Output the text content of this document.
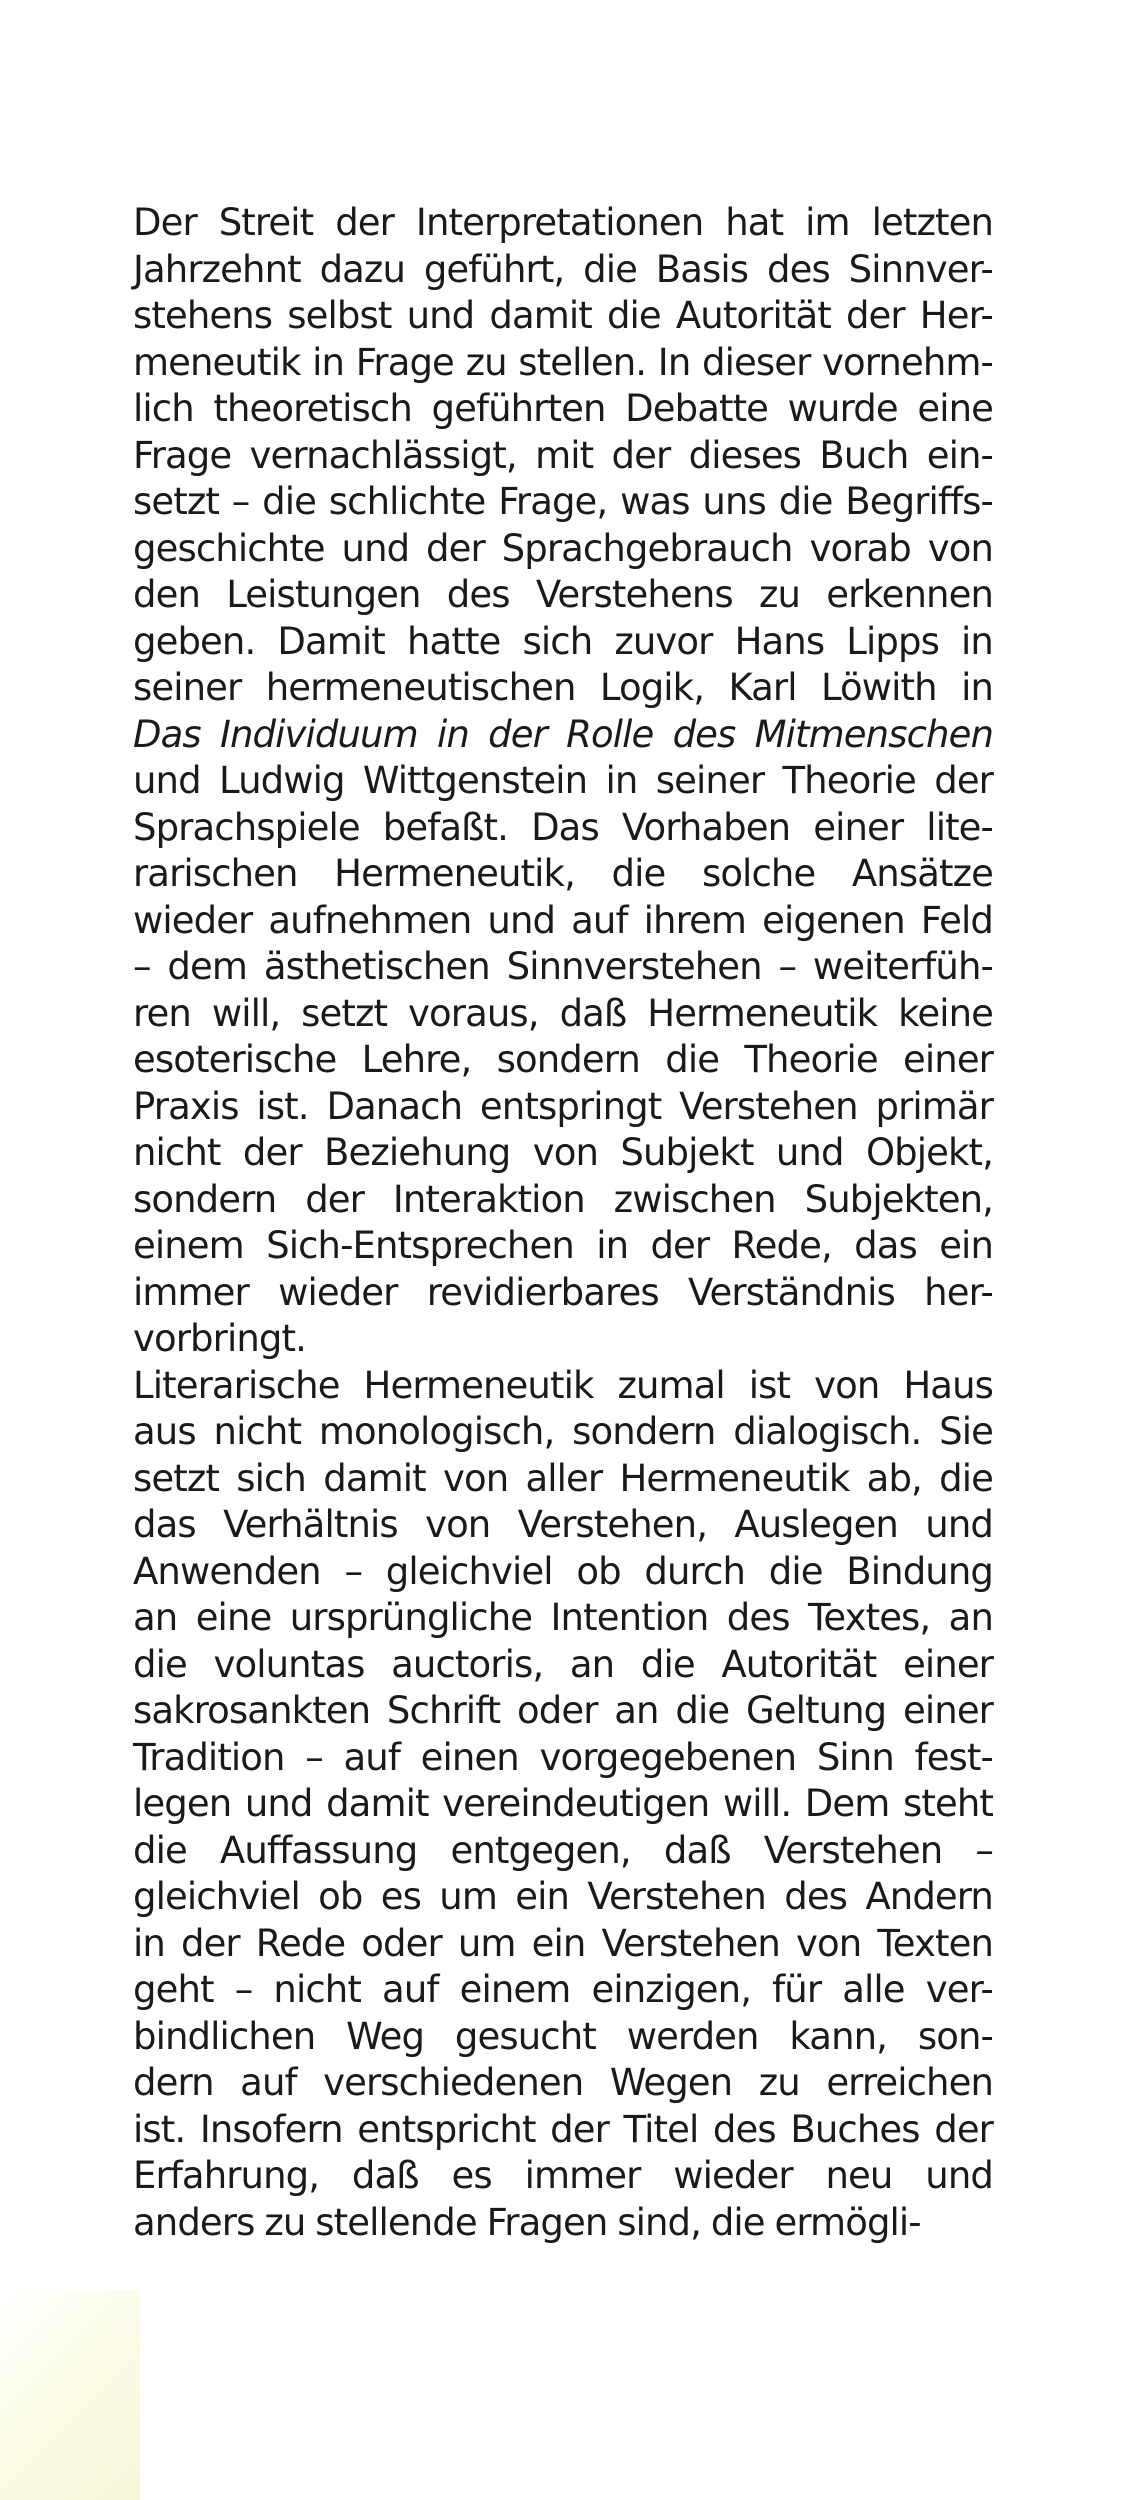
Der Streit der Interpretationen hat im letzten
Jahrzehnt dazu geführt, die Basis des Sinnver-
stehens selbst und damit die Autorität der Her-
meneutik in Frage zu stellen. In dieser vornehm-
lich theoretisch geführten Debatte wurde eine
Frage vernachlässigt, mit der dieses Buch ein-
setzt – die schlichte Frage, was uns die Begriffs-
geschichte und der Sprachgebrauch vorab von
den Leistungen des Verstehens zu erkennen
geben. Damit hatte sich zuvor Hans Lipps in
seiner hermeneutischen Logik, Karl Löwith in
Das Individuum in der Rolle des Mitmenschen
und Ludwig Wittgenstein in seiner Theorie der
Sprachspiele befaßt. Das Vorhaben einer lite-
rarischen Hermeneutik, die solche Ansätze
wieder aufnehmen und auf ihrem eigenen Feld
– dem ästhetischen Sinnverstehen – weiterfüh-
ren will, setzt voraus, daß Hermeneutik keine
esoterische Lehre, sondern die Theorie einer
Praxis ist. Danach entspringt Verstehen primär
nicht der Beziehung von Subjekt und Objekt,
sondern der Interaktion zwischen Subjekten,
einem Sich-Entsprechen in der Rede, das ein
immer wieder revidierbares Verständnis her-
vorbringt.
Literarische Hermeneutik zumal ist von Haus
aus nicht monologisch, sondern dialogisch. Sie
setzt sich damit von aller Hermeneutik ab, die
das Verhältnis von Verstehen, Auslegen und
Anwenden – gleichviel ob durch die Bindung
an eine ursprüngliche Intention des Textes, an
die voluntas auctoris, an die Autorität einer
sakrosankten Schrift oder an die Geltung einer
Tradition – auf einen vorgegebenen Sinn fest-
legen und damit vereindeutigen will. Dem steht
die Auffassung entgegen, daß Verstehen –
gleichviel ob es um ein Verstehen des Andern
in der Rede oder um ein Verstehen von Texten
geht – nicht auf einem einzigen, für alle ver-
bindlichen Weg gesucht werden kann, son-
dern auf verschiedenen Wegen zu erreichen
ist. Insofern entspricht der Titel des Buches der
Erfahrung, daß es immer wieder neu und
anders zu stellende Fragen sind, die ermögli-
